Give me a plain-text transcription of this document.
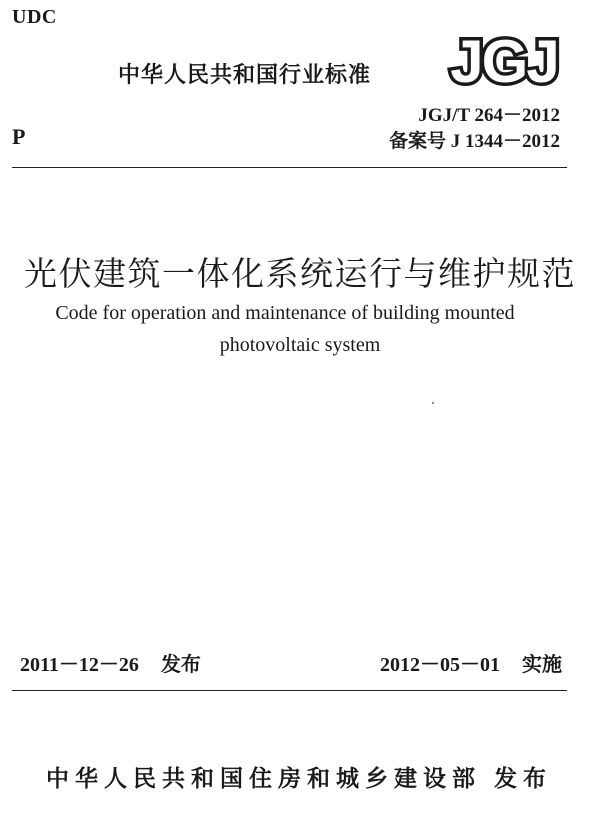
UDC
中华人民共和国行业标准 JGJ
P
JGJ/T 264－2012
备案号 J 1344－2012
光伏建筑一体化系统运行与维护规范
Code for operation and maintenance of building mounted
photovoltaic system
2011－12－26 发布	2012－05－01 实施
中华人民共和国住房和城乡建设部 发布
